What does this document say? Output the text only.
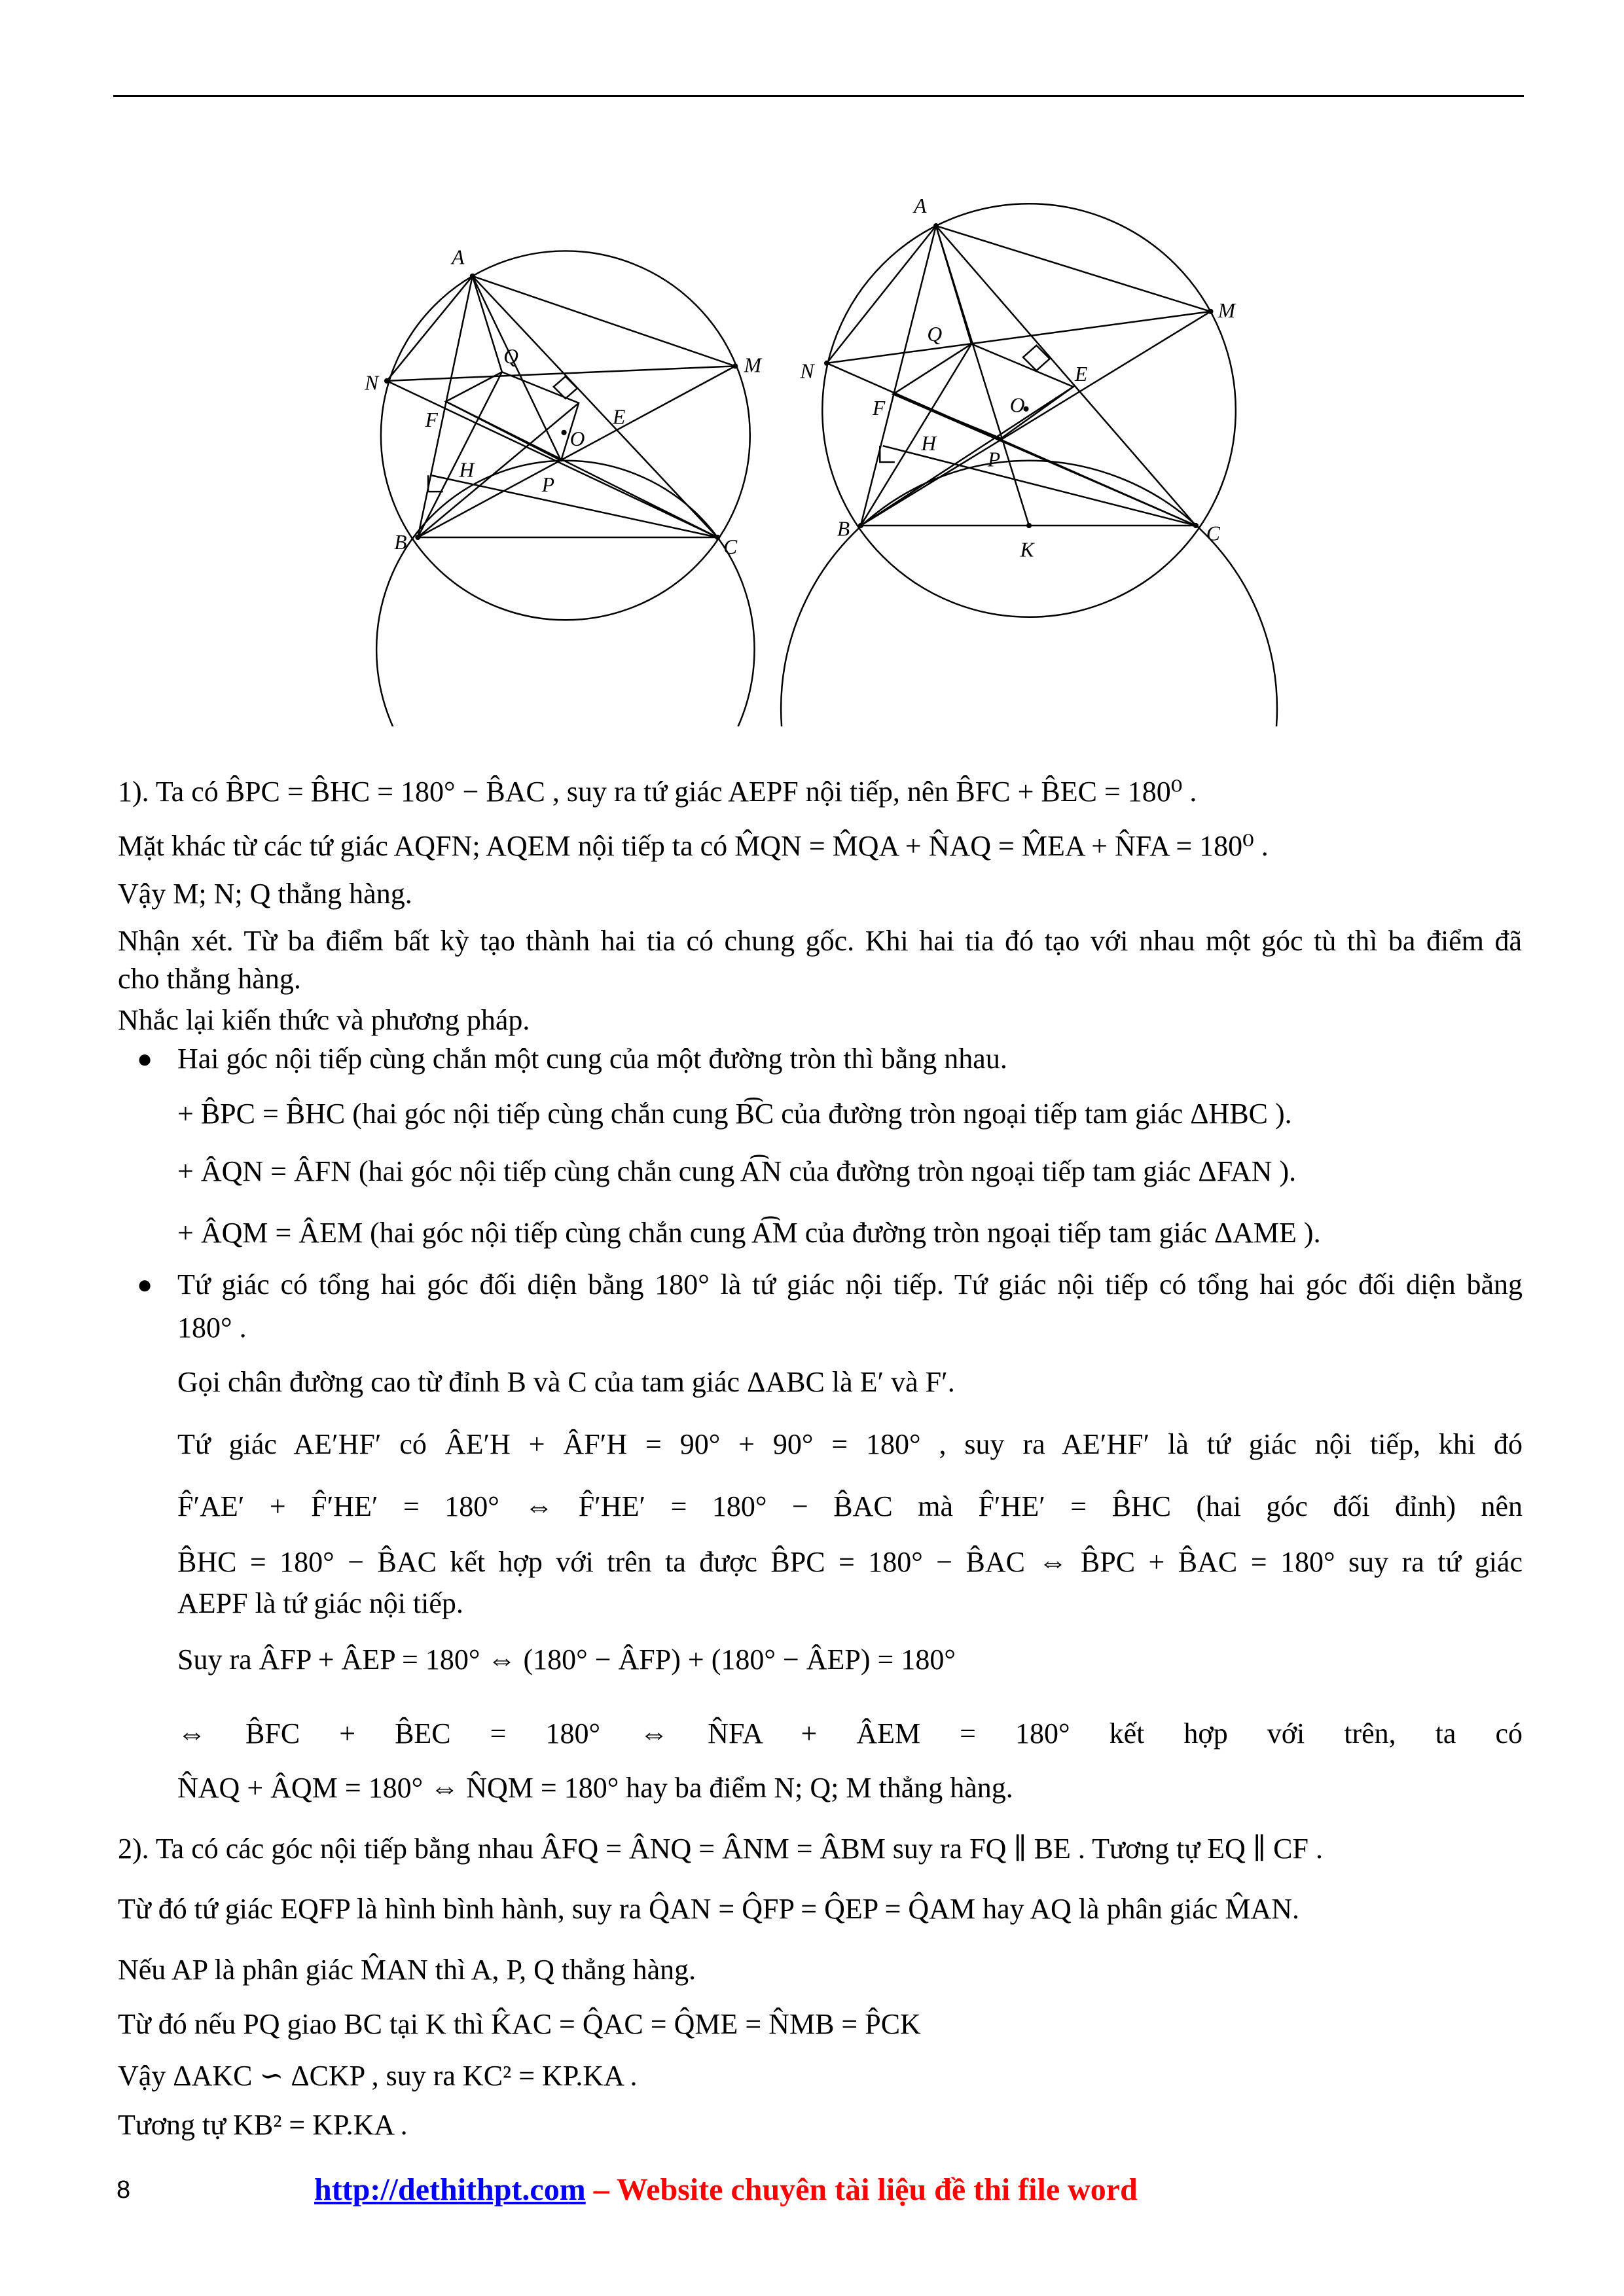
A
N
M
Q
F	E
O
H
P
B	C
A
M
N
Q
E
F	O
H
P
B	C
K
1). Ta có B̂PC = B̂HC = 180° − B̂AC , suy ra tứ giác AEPF nội tiếp, nên B̂FC + B̂EC = 180⁰ .
Mặt khác từ các tứ giác AQFN; AQEM nội tiếp ta có M̂QN = M̂QA + N̂AQ = M̂EA + N̂FA = 180⁰ .
Vậy M; N; Q thẳng hàng.
Nhận xét. Từ ba điểm bất kỳ tạo thành hai tia có chung gốc. Khi hai tia đó tạo với nhau một góc tù thì ba điểm đã
cho thẳng hàng.
Nhắc lại kiến thức và phương pháp.
Hai góc nội tiếp cùng chắn một cung của một đường tròn thì bằng nhau.
+ B̂PC = B̂HC (hai góc nội tiếp cùng chắn cung B͡C của đường tròn ngoại tiếp tam giác ΔHBC ).
+ ÂQN = ÂFN (hai góc nội tiếp cùng chắn cung A͡N của đường tròn ngoại tiếp tam giác ΔFAN ).
+ ÂQM = ÂEM (hai góc nội tiếp cùng chắn cung A͡M của đường tròn ngoại tiếp tam giác ΔAME ).
Tứ giác có tổng hai góc đối diện bằng 180° là tứ giác nội tiếp. Tứ giác nội tiếp có tổng hai góc đối diện bằng
180° .
Gọi chân đường cao từ đỉnh B và C của tam giác ΔABC là E′ và F′.
Tứ giác AE′HF′ có ÂE′H + ÂF′H = 90° + 90° = 180° , suy ra AE′HF′ là tứ giác nội tiếp, khi đó
F̂′AE′ + F̂′HE′ = 180° ⇔ F̂′HE′ = 180° − B̂AC mà F̂′HE′ = B̂HC (hai góc đối đỉnh) nên
B̂HC = 180° − B̂AC kết hợp với trên ta được B̂PC = 180° − B̂AC ⇔ B̂PC + B̂AC = 180° suy ra tứ giác
AEPF là tứ giác nội tiếp.
Suy ra ÂFP + ÂEP = 180° ⇔ (180° − ÂFP) + (180° − ÂEP) = 180°
⇔ B̂FC + B̂EC = 180° ⇔ N̂FA + ÂEM = 180° kết hợp với trên, ta có
N̂AQ + ÂQM = 180° ⇔ N̂QM = 180° hay ba điểm N; Q; M thẳng hàng.
2). Ta có các góc nội tiếp bằng nhau ÂFQ = ÂNQ = ÂNM = ÂBM suy ra FQ ∥ BE . Tương tự EQ ∥ CF .
Từ đó tứ giác EQFP là hình bình hành, suy ra Q̂AN = Q̂FP = Q̂EP = Q̂AM hay AQ là phân giác M̂AN.
Nếu AP là phân giác M̂AN thì A, P, Q thẳng hàng.
Từ đó nếu PQ giao BC tại K thì K̂AC = Q̂AC = Q̂ME = N̂MB = P̂CK
Vậy ΔAKC ∽ ΔCKP , suy ra KC² = KP.KA .
Tương tự KB² = KP.KA .
●
●
8	http://dethithpt.com – Website chuyên tài liệu đề thi file word
